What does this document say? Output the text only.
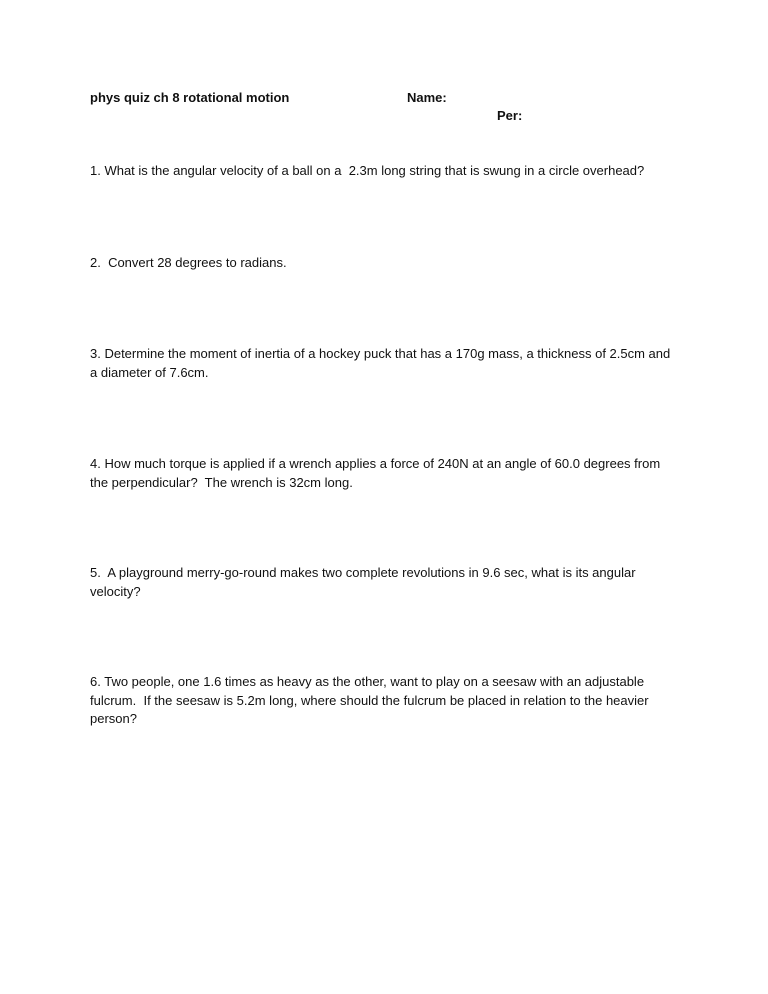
phys quiz ch 8 rotational motion	Name:
Per:
1. What is the angular velocity of a ball on a  2.3m long string that is swung in a circle overhead?
2.  Convert 28 degrees to radians.
3. Determine the moment of inertia of a hockey puck that has a 170g mass, a thickness of 2.5cm and a diameter of 7.6cm.
4. How much torque is applied if a wrench applies a force of 240N at an angle of 60.0 degrees from the perpendicular?  The wrench is 32cm long.
5.  A playground merry-go-round makes two complete revolutions in 9.6 sec, what is its angular velocity?
6. Two people, one 1.6 times as heavy as the other, want to play on a seesaw with an adjustable fulcrum.  If the seesaw is 5.2m long, where should the fulcrum be placed in relation to the heavier person?
